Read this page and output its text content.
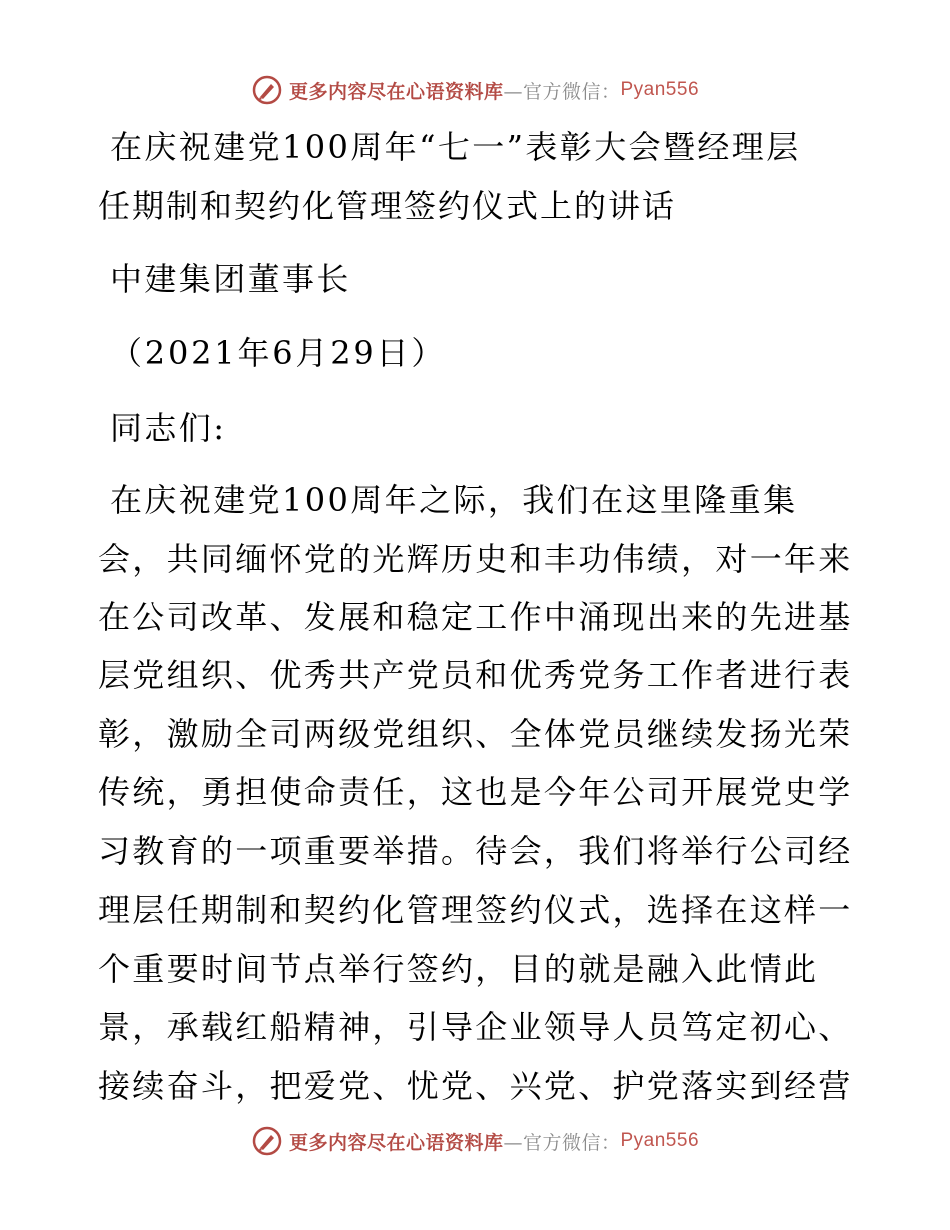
更多内容尽在心语资料库 —官方微信： Pyan556
在庆祝建党100周年“七一”表彰大会暨经理层
任期制和契约化管理签约仪式上的讲话
中建集团董事长
（2021年6月29日）
同志们:
在庆祝建党100周年之际，我们在这里隆重集
会，共同缅怀党的光辉历史和丰功伟绩，对一年来
在公司改革、发展和稳定工作中涌现出来的先进基
层党组织、优秀共产党员和优秀党务工作者进行表
彰，激励全司两级党组织、全体党员继续发扬光荣
传统，勇担使命责任，这也是今年公司开展党史学
习教育的一项重要举措。待会，我们将举行公司经
理层任期制和契约化管理签约仪式，选择在这样一
个重要时间节点举行签约，目的就是融入此情此
景，承载红船精神，引导企业领导人员笃定初心、
接续奋斗，把爱党、忧党、兴党、护党落实到经营
更多内容尽在心语资料库 —官方微信： Pyan556
